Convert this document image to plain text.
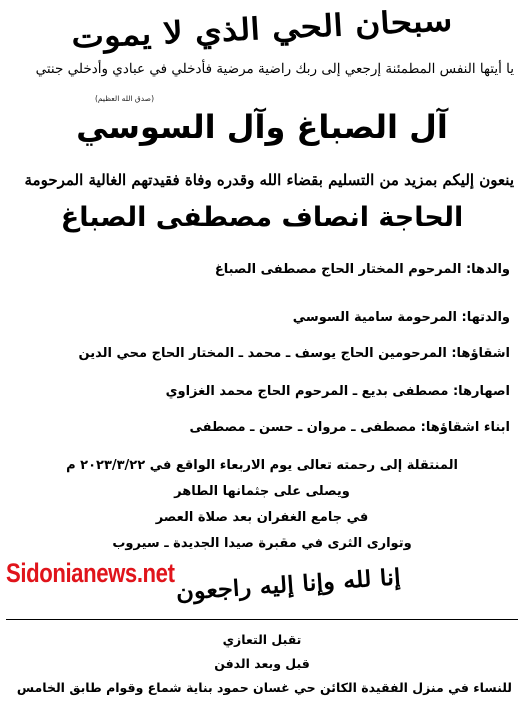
سبحان الحي الذي لا يموت
يا أيتها النفس المطمئنة إرجعي إلى ربك راضية مرضية فأدخلي في عبادي وأدخلي جنتي
(صدق الله العظيم)
آل الصباغ وآل السوسي
ينعون إليكم بمزيد من التسليم بقضاء الله وقدره وفاة فقيدتهم الغالية المرحومة
الحاجة انصاف مصطفى الصباغ
والدها: المرحوم المختار الحاج مصطفى الصباغ
والدتها: المرحومة سامية السوسي
اشقاؤها: المرحومين الحاج يوسف ـ محمد ـ المختار الحاج محي الدين
اصهارها: مصطفى بديع ـ المرحوم الحاج محمد الغزاوي
ابناء اشقاؤها: مصطفى ـ مروان ـ حسن ـ مصطفى
المنتقلة إلى رحمته تعالى يوم الاربعاء الواقع في ٢٠٢٣/٣/٢٢ م
ويصلى على جثمانها الطاهر
في جامع الغفران بعد صلاة العصر
وتوارى الثرى في مقبرة صيدا الجديدة ـ سيروب
Sidonianews.net إنا لله وإنا إليه راجعون
تقبل التعازي
قبل وبعد الدفن
للنساء في منزل الفقيدة الكائن حي غسان حمود بناية شماع وقوام طابق الخامس
